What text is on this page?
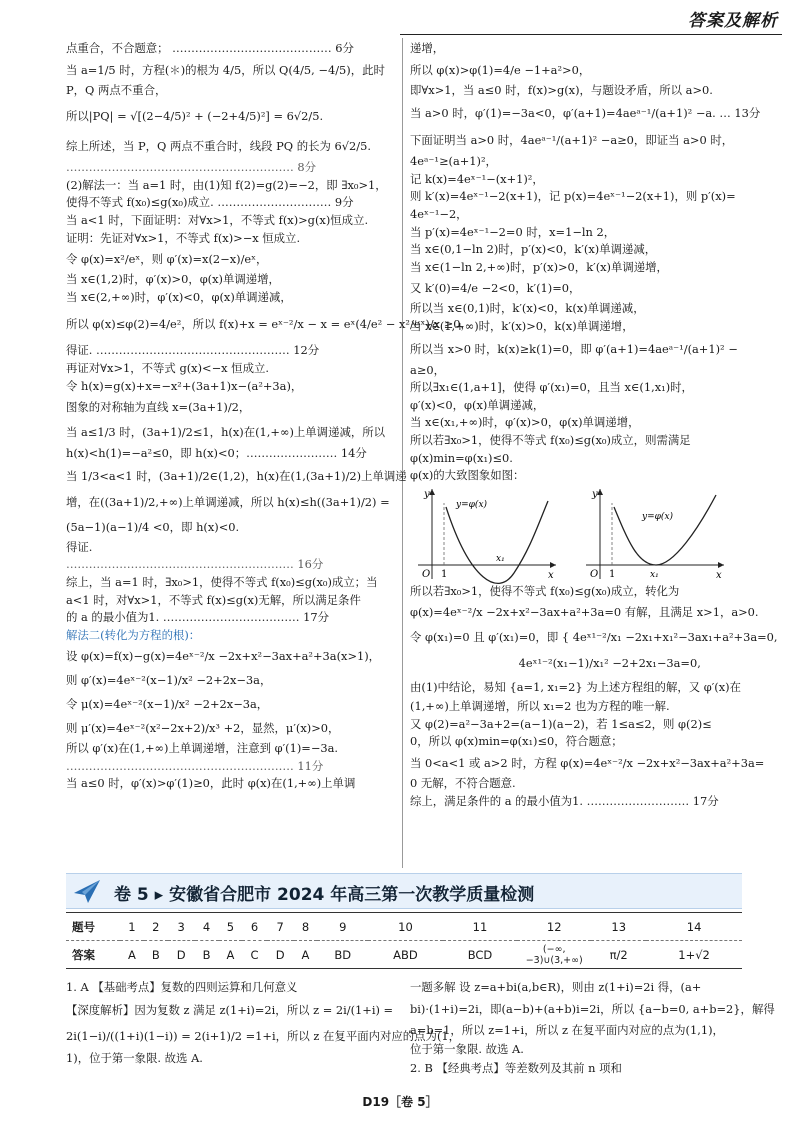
答案及解析
点重合，不合题意； …………………………………… 6分
当 a=1/5 时，方程(＊)的根为 4/5，所以 Q(4/5, −4/5)，此时
P，Q 两点不重合，
所以|PQ| = √[(2−4/5)² + (−2+4/5)²] = 6√2/5.
综上所述，当 P，Q 两点不重合时，线段 PQ 的长为 6√2/5.
…………………………………………………… 8分
(2)解法一：当 a=1 时，由(1)知 f(2)=g(2)=−2，即 ∃x₀>1，
使得不等式 f(x₀)≤g(x₀)成立. ………………………… 9分
当 a<1 时，下面证明：对∀x>1，不等式 f(x)>g(x)恒成立.
证明：先证对∀x>1，不等式 f(x)>−x 恒成立.
令 φ(x)=x²/eˣ，则 φ′(x)=x(2−x)/eˣ，
当 x∈(1,2)时，φ′(x)>0，φ(x)单调递增，
当 x∈(2,+∞)时，φ′(x)<0，φ(x)单调递减，
所以 φ(x)≤φ(2)=4/e²，所以 f(x)+x = eˣ⁻²/x − x = eˣ(4/e² − x²/eˣ)/x ≥0，
得证. …………………………………………… 12分
再证对∀x>1，不等式 g(x)<−x 恒成立.
令 h(x)=g(x)+x=−x²+(3a+1)x−(a²+3a)，
图象的对称轴为直线 x=(3a+1)/2，
当 a≤1/3 时，(3a+1)/2≤1，h(x)在(1,+∞)上单调递减，所以
h(x)<h(1)=−a²≤0，即 h(x)<0；…………………… 14分
当 1/3<a<1 时，(3a+1)/2∈(1,2)，h(x)在(1,(3a+1)/2)上单调递
增，在((3a+1)/2,+∞)上单调递减，所以 h(x)≤h((3a+1)/2) =
(5a−1)(a−1)/4 <0，即 h(x)<0.
得证.
…………………………………………………… 16分
综上，当 a=1 时，∃x₀>1，使得不等式 f(x₀)≤g(x₀)成立；当
a<1 时，对∀x>1，不等式 f(x)≤g(x)无解，所以满足条件
的 a 的最小值为1. ……………………………… 17分
解法二(转化为方程的根)：
设 φ(x)=f(x)−g(x)=4eˣ⁻²/x −2x+x²−3ax+a²+3a(x>1)，
则 φ′(x)=4eˣ⁻²(x−1)/x² −2+2x−3a，
令 μ(x)=4eˣ⁻²(x−1)/x² −2+2x−3a，
则 μ′(x)=4eˣ⁻²(x²−2x+2)/x³ +2，显然，μ′(x)>0，
所以 φ′(x)在(1,+∞)上单调递增，注意到 φ′(1)=−3a.
…………………………………………………… 11分
当 a≤0 时，φ′(x)>φ′(1)≥0，此时 φ(x)在(1,+∞)上单调
递增，
所以 φ(x)>φ(1)=4/e −1+a²>0，
即∀x>1，当 a≤0 时，f(x)>g(x)，与题设矛盾，所以 a>0.
当 a>0 时，φ′(1)=−3a<0，φ′(a+1)=4aeᵃ⁻¹/(a+1)² −a. … 13分
下面证明当 a>0 时，4aeᵃ⁻¹/(a+1)² −a≥0，即证当 a>0 时，
4eᵃ⁻¹≥(a+1)²，
记 k(x)=4eˣ⁻¹−(x+1)²，
则 k′(x)=4eˣ⁻¹−2(x+1)，记 p(x)=4eˣ⁻¹−2(x+1)，则 p′(x)=
4eˣ⁻¹−2，
当 p′(x)=4eˣ⁻¹−2=0 时，x=1−ln 2，
当 x∈(0,1−ln 2)时，p′(x)<0，k′(x)单调递减，
当 x∈(1−ln 2,+∞)时，p′(x)>0，k′(x)单调递增，
又 k′(0)=4/e −2<0，k′(1)=0，
所以当 x∈(0,1)时，k′(x)<0，k(x)单调递减，
当 x∈(1,+∞)时，k′(x)>0，k(x)单调递增，
所以当 x>0 时，k(x)≥k(1)=0，即 φ′(a+1)=4aeᵃ⁻¹/(a+1)² −
a≥0，
所以∃x₁∈(1,a+1]，使得 φ′(x₁)=0，且当 x∈(1,x₁)时，
φ′(x)<0，φ(x)单调递减，
当 x∈(x₁,+∞)时，φ′(x)>0，φ(x)单调递增，
所以若∃x₀>1，使得不等式 f(x₀)≤g(x₀)成立，则需满足
φ(x)min=φ(x₁)≤0.
φ(x)的大致图象如图：
y
x
O 1
x₁
y=φ(x)

y
x
O 1	x₁
y=φ(x)
所以若∃x₀>1，使得不等式 f(x₀)≤g(x₀)成立，转化为
φ(x)=4eˣ⁻²/x −2x+x²−3ax+a²+3a=0 有解，且满足 x>1，a>0.
令 φ(x₁)=0 且 φ′(x₁)=0，即 { 4eˣ¹⁻²/x₁ −2x₁+x₁²−3ax₁+a²+3a=0,
4eˣ¹⁻²(x₁−1)/x₁² −2+2x₁−3a=0,
由(1)中结论，易知 {a=1, x₁=2} 为上述方程组的解，又 φ′(x)在
(1,+∞)上单调递增，所以 x₁=2 也为方程的唯一解.
又 φ(2)=a²−3a+2=(a−1)(a−2)，若 1≤a≤2，则 φ(2)≤
0，所以 φ(x)min=φ(x₁)≤0，符合题意；
当 0<a<1 或 a>2 时，方程 φ(x)=4eˣ⁻²/x −2x+x²−3ax+a²+3a=
0 无解，不符合题意.
综上，满足条件的 a 的最小值为1. ……………………… 17分
卷 5 ▸ 安徽省合肥市 2024 年高三第一次教学质量检测
题号	1	2	3	4	5	6	7	8	9	10	11	12	13	14
答案	A	B	D	B	A	C	D	A	BD	ABD	BCD	(−∞,−3)∪(3,+∞)	π/2	1+√2
1. A 【基础考点】复数的四则运算和几何意义
【深度解析】因为复数 z 满足 z(1+i)=2i，所以 z = 2i/(1+i) =
2i(1−i)/((1+i)(1−i)) = 2(i+1)/2 =1+i，所以 z 在复平面内对应的点为(1，
1)，位于第一象限. 故选 A.
一题多解 设 z=a+bi(a,b∈R)，则由 z(1+i)=2i 得，(a+
bi)·(1+i)=2i，即(a−b)+(a+b)i=2i，所以 {a−b=0, a+b=2}，解得
a=b=1，所以 z=1+i，所以 z 在复平面内对应的点为(1,1)，
位于第一象限. 故选 A.
2. B 【经典考点】等差数列及其前 n 项和
D19［卷 5］
